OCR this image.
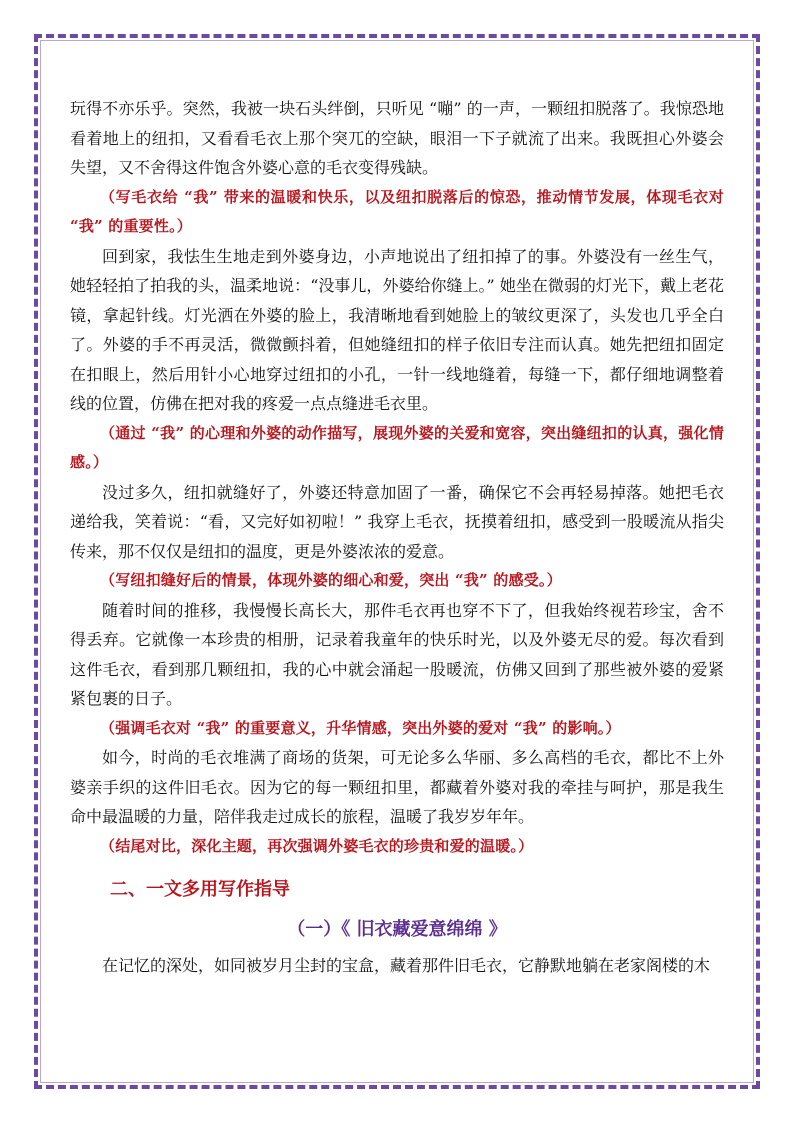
玩得不亦乐乎。突然，我被一块石头绊倒，只听见 “嘣” 的一声，一颗纽扣脱落了。我惊恐地看着地上的纽扣，又看看毛衣上那个突兀的空缺，眼泪一下子就流了出来。我既担心外婆会失望，又不舍得这件饱含外婆心意的毛衣变得残缺。

（写毛衣给 “我” 带来的温暖和快乐，以及纽扣脱落后的惊恐，推动情节发展，体现毛衣对 “我” 的重要性。）

回到家，我怯生生地走到外婆身边，小声地说出了纽扣掉了的事。外婆没有一丝生气，她轻轻拍了拍我的头，温柔地说：“没事儿，外婆给你缝上。” 她坐在微弱的灯光下，戴上老花镜，拿起针线。灯光洒在外婆的脸上，我清晰地看到她脸上的皱纹更深了，头发也几乎全白了。外婆的手不再灵活，微微颤抖着，但她缝纽扣的样子依旧专注而认真。她先把纽扣固定在扣眼上，然后用针小心地穿过纽扣的小孔，一针一线地缝着，每缝一下，都仔细地调整着线的位置，仿佛在把对我的疼爱一点点缝进毛衣里。

（通过 “我” 的心理和外婆的动作描写，展现外婆的关爱和宽容，突出缝纽扣的认真，强化情感。）

没过多久，纽扣就缝好了，外婆还特意加固了一番，确保它不会再轻易掉落。她把毛衣递给我，笑着说：“看，又完好如初啦！” 我穿上毛衣，抚摸着纽扣，感受到一股暖流从指尖传来，那不仅仅是纽扣的温度，更是外婆浓浓的爱意。

（写纽扣缝好后的情景，体现外婆的细心和爱，突出 “我” 的感受。）

随着时间的推移，我慢慢长高长大，那件毛衣再也穿不下了，但我始终视若珍宝，舍不得丢弃。它就像一本珍贵的相册，记录着我童年的快乐时光，以及外婆无尽的爱。每次看到这件毛衣，看到那几颗纽扣，我的心中就会涌起一股暖流，仿佛又回到了那些被外婆的爱紧紧包裹的日子。

（强调毛衣对 “我” 的重要意义，升华情感，突出外婆的爱对 “我” 的影响。）

如今，时尚的毛衣堆满了商场的货架，可无论多么华丽、多么高档的毛衣，都比不上外婆亲手织的这件旧毛衣。因为它的每一颗纽扣里，都藏着外婆对我的牵挂与呵护，那是我生命中最温暖的力量，陪伴我走过成长的旅程，温暖了我岁岁年年。

（结尾对比，深化主题，再次强调外婆毛衣的珍贵和爱的温暖。）

二、一文多用写作指导
（一）《 旧衣藏爱意绵绵 》

在记忆的深处，如同被岁月尘封的宝盒，藏着那件旧毛衣，它静默地躺在老家阁楼的木
